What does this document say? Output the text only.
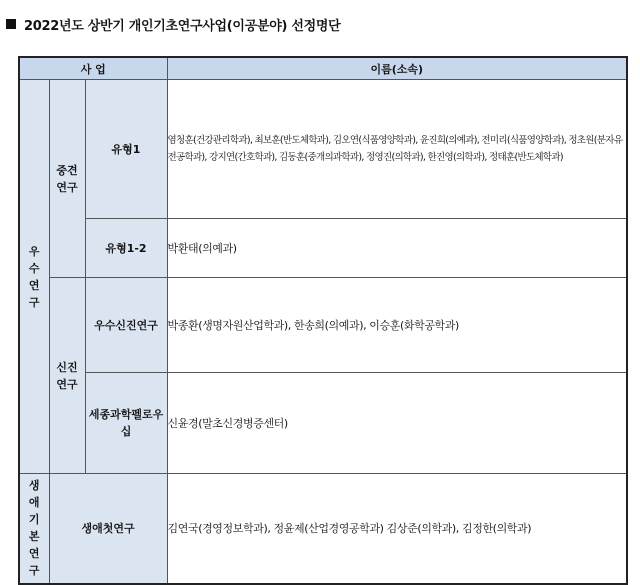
2022년도 상반기 개인기초연구사업(이공분야) 선정명단
사 업			이름(소속)
우수연구	중견연구	유형1	염청훈(건강관리학과), 최보훈(반도체학과), 김오연(식품영양학과), 윤진희(의예과), 전미리(식품영양학과), 정초원(분자유전공학과), 강지연(간호학과), 김동훈(중개의과학과), 정영진(의학과), 한진영(의학과), 정태훈(반도체학과)
		유형1-2	박환태(의예과)
	신진연구	우수신진연구	박종환(생명자원산업학과), 한송희(의예과), 이승훈(화학공학과)
		세종과학펠로우십	신윤경(말초신경병증센터)
생애기본연구	생애첫연구		김연국(경영정보학과), 정윤제(산업경영공학과) 김상준(의학과), 김정한(의학과)
